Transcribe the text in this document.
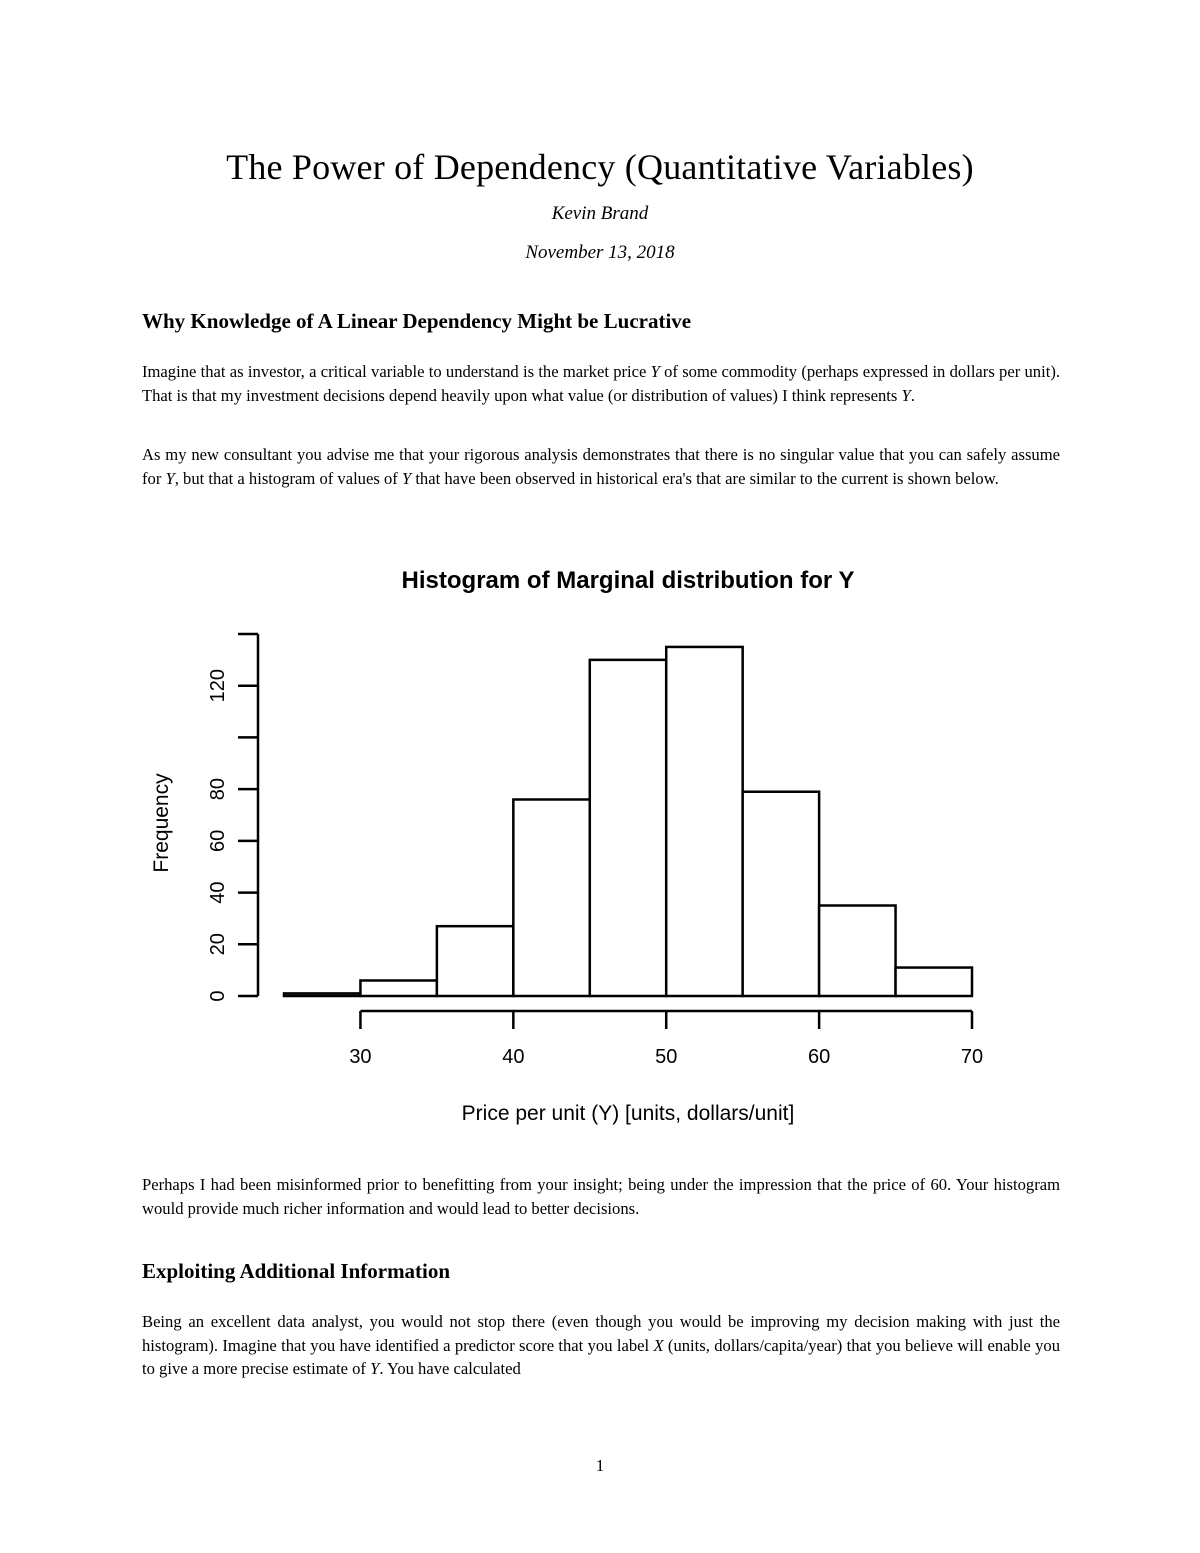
The Power of Dependency (Quantitative Variables)
Kevin Brand
November 13, 2018
Why Knowledge of A Linear Dependency Might be Lucrative

Imagine that as investor, a critical variable to understand is the market price Y of some commodity (perhaps expressed in dollars per unit). That is that my investment decisions depend heavily upon what value (or distribution of values) I think represents Y.

As my new consultant you advise me that your rigorous analysis demonstrates that there is no singular value that you can safely assume for Y, but that a histogram of values of Y that have been observed in historical era's that are similar to the current is shown below.

Histogram of Marginal distribution for Y
0
20
40
60
80
120
30	40	50	60	70
Price per unit (Y) [units, dollars/unit]
Frequency

Perhaps I had been misinformed prior to benefitting from your insight; being under the impression that the price of 60. Your histogram would provide much richer information and would lead to better decisions.

Exploiting Additional Information

Being an excellent data analyst, you would not stop there (even though you would be improving my decision making with just the histogram). Imagine that you have identified a predictor score that you label X (units, dollars/capita/year) that you believe will enable you to give a more precise estimate of Y. You have calculated

1
